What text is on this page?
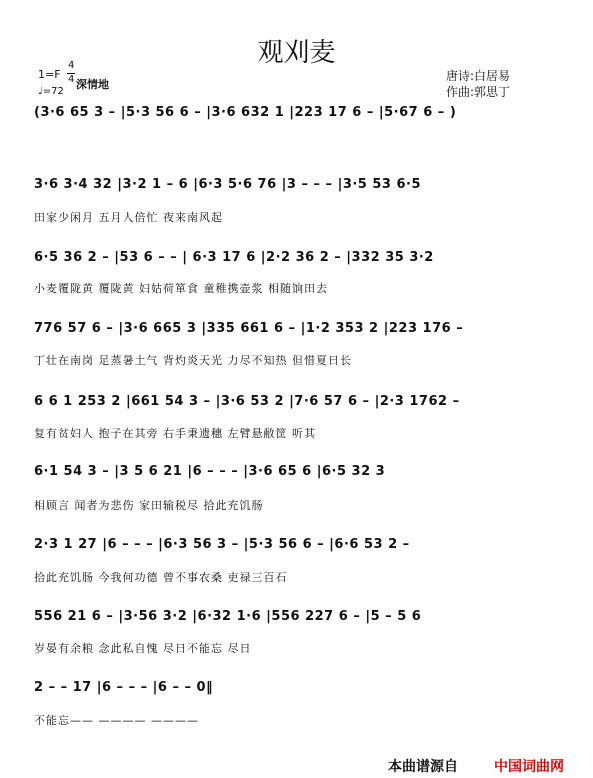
观刈麦
1=F
4
4 深情地
♩=72
唐诗:白居易
作曲:郭思丁
(3·6 65 3 – |5·3 56 6 – |3·6 632 1 |223 17 6 – |5·67 6 – )
3·6 3·4 32 |3·2 1 – 6 |6·3 5·6 76 |3 – – – |3·5 53 6·5
田家少闲月 五月人倍忙 夜来南风起
6·5 36 2 – |53 6 – – | 6·3 17 6 |2·2 36 2 – |332 35 3·2
小麦覆陇黄 覆陇黄 妇姑荷箪食 童稚携壶浆 相随饷田去
776 57 6 – |3·6 665 3 |335 661 6 – |1·2 353 2 |223 176 –
丁壮在南岗 足蒸暑土气 背灼炎天光 力尽不知热 但惜夏日长
6 6 1 253 2 |661 54 3 – |3·6 53 2 |7·6 57 6 – |2·3 1762 –
复有贫妇人 抱子在其旁 右手秉遗穗 左臂悬敝筐 听其
6·1 54 3 – |3 5 6 21 |6 – – – |3·6 65 6 |6·5 32 3
相顾言 闻者为悲伤 家田输税尽 拾此充饥肠
2·3 1 27 |6 – – – |6·3 56 3 – |5·3 56 6 – |6·6 53 2 –
拾此充饥肠 今我何功德 曾不事农桑 吏禄三百石
556 21 6 – |3·56 3·2 |6·32 1·6 |556 227 6 – |5 – 5 6
岁晏有余粮 念此私自愧 尽日不能忘 尽日
2 – – 17 |6 – – – |6 – – 0‖
不能忘—— ———— ————
本曲谱源自	中国词曲网
